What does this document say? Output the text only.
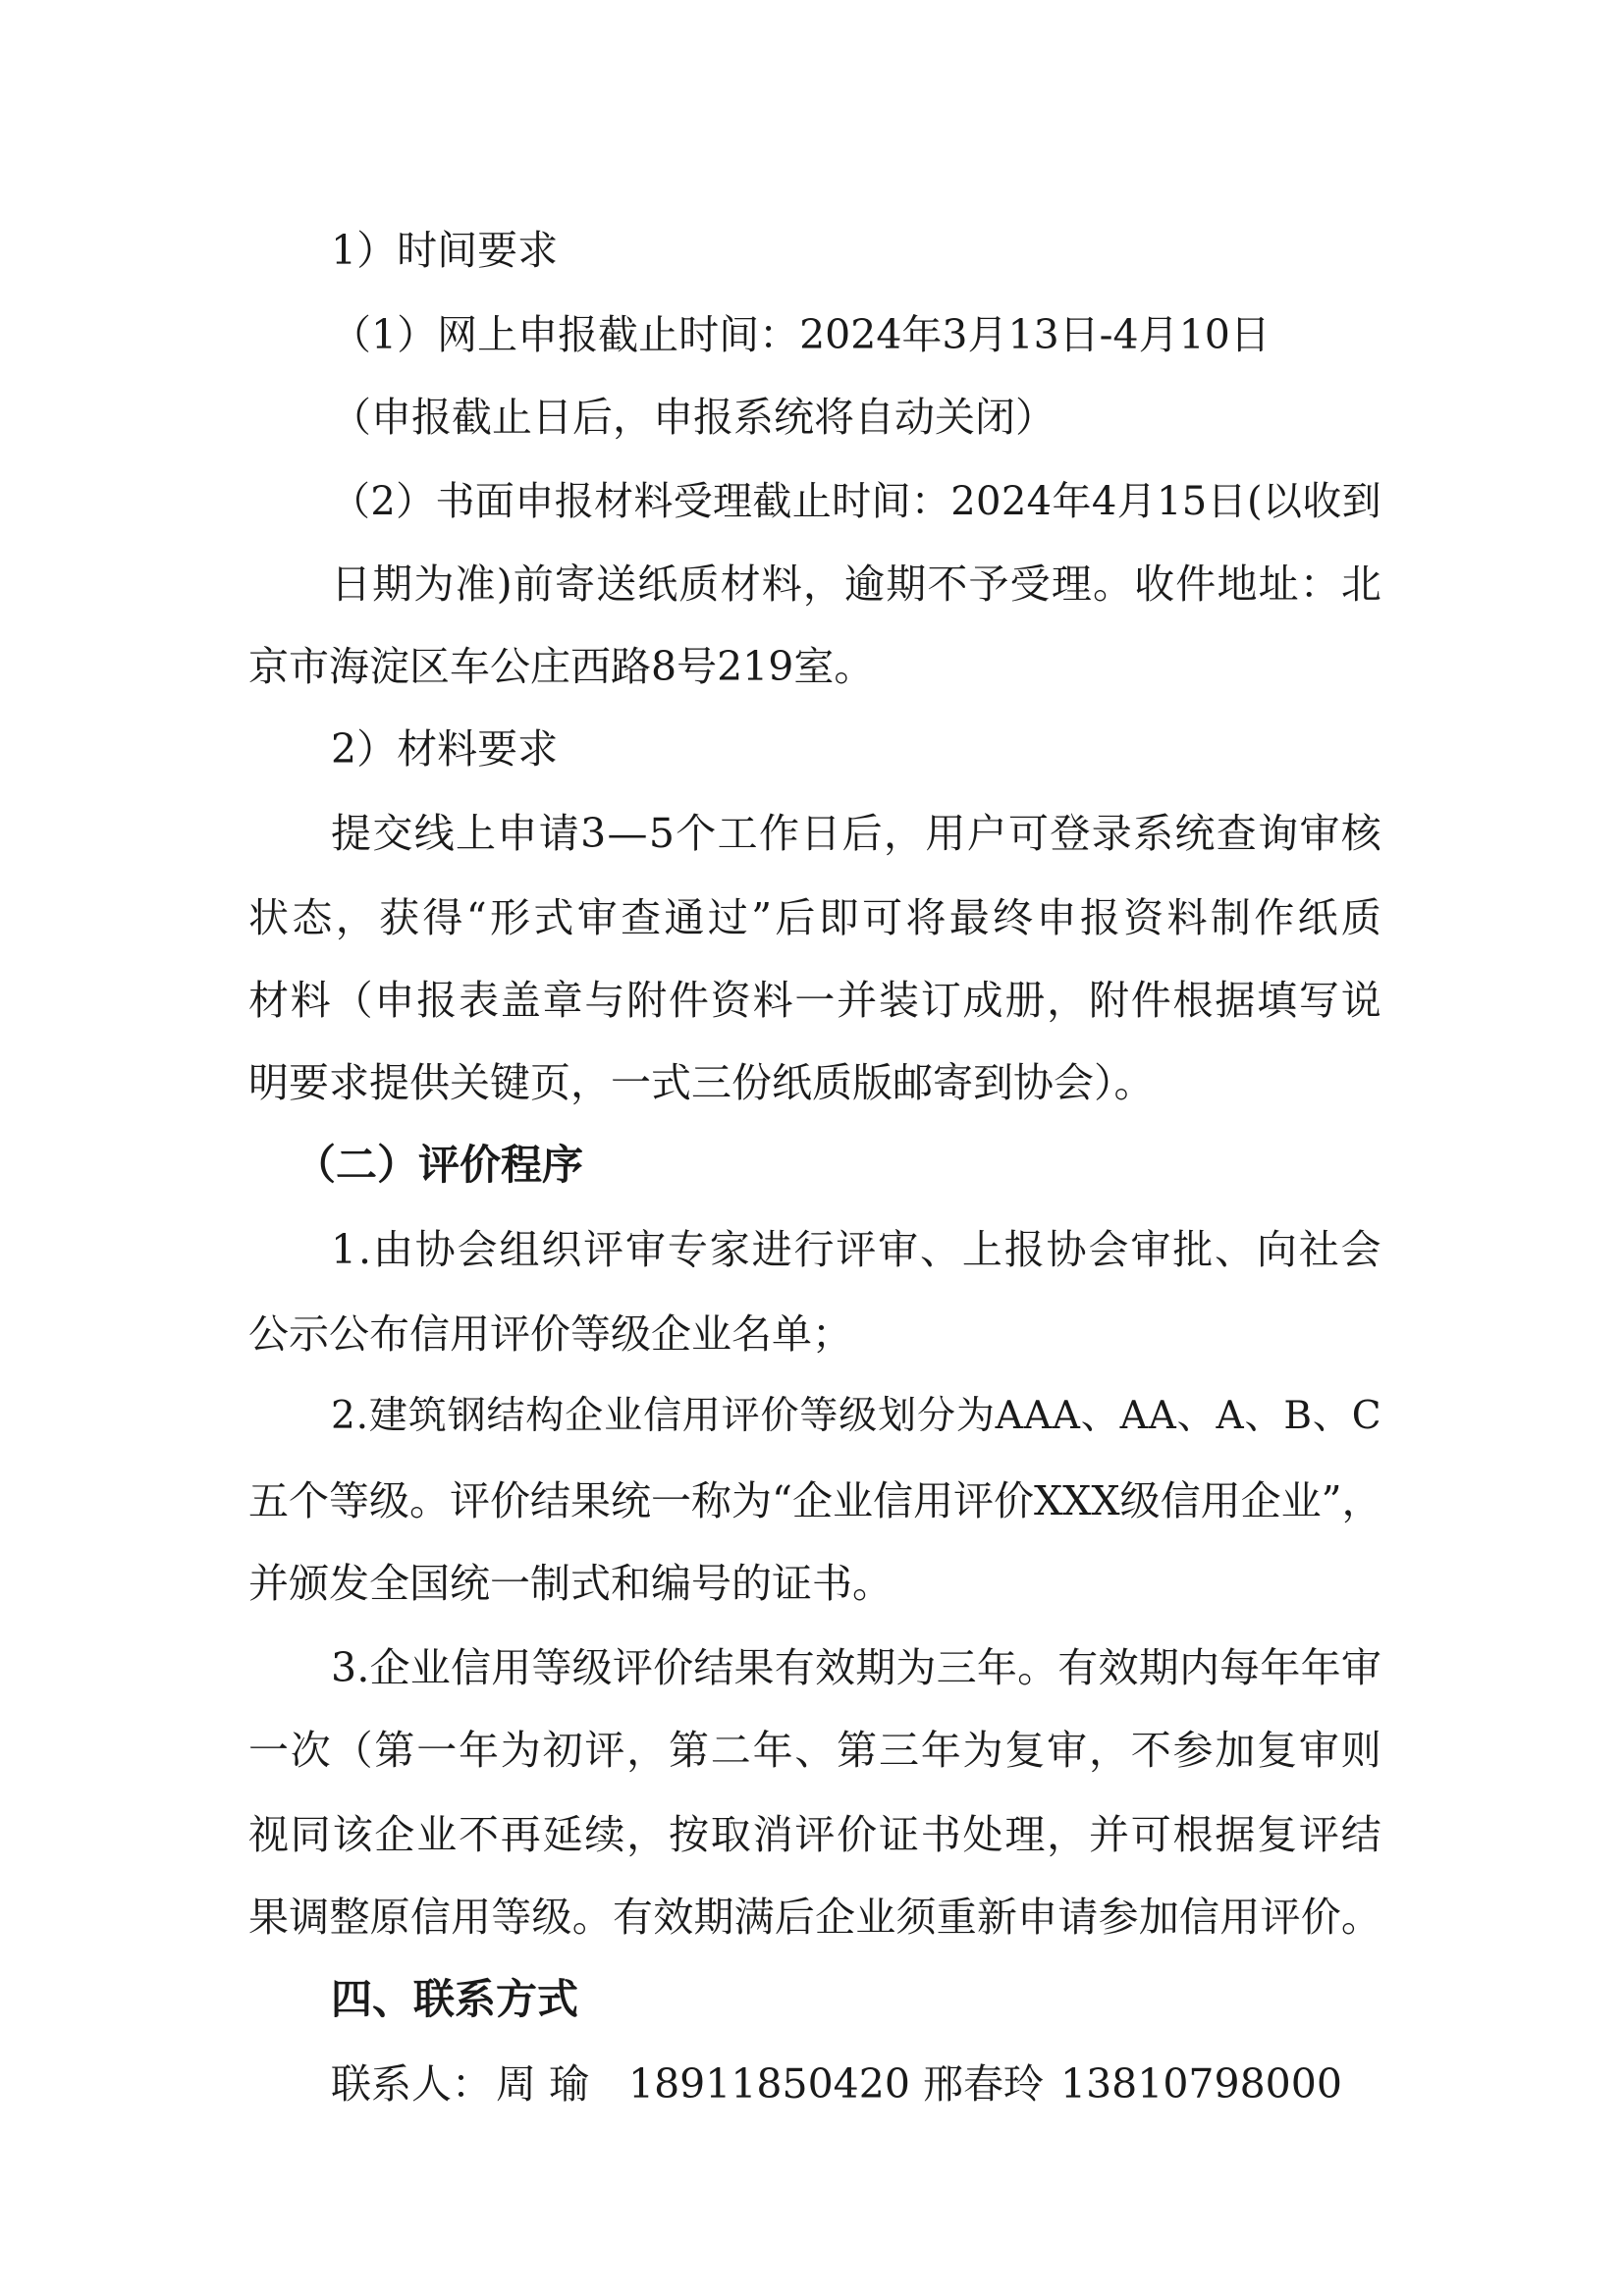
1）时间要求
（1）网上申报截止时间：2024年3月13日-4月10日
（申报截止日后，申报系统将自动关闭）
（ 2 ） 书 面 申 报 材 料 受 理 截 止 时 间 ： 2 0 2 4 年 4 月 1 5 日 ( 以 收 到
日 期 为 准 ) 前 寄 送 纸 质 材 料 ， 逾 期 不 予 受 理 。 收 件 地 址 ： 北
京市海淀区车公庄西路8号219室。
2）材料要求
提 交 线 上 申 请 3 — 5 个 工 作 日 后 ， 用 户 可 登 录 系 统 查 询 审 核
状 态 ， 获 得 “ 形 式 审 查 通 过 ” 后 即 可 将 最 终 申 报 资 料 制 作 纸 质
材 料 （ 申 报 表 盖 章 与 附 件 资 料 一 并 装 订 成 册 ， 附 件 根 据 填 写 说
明要求提供关键页，一式三份纸质版邮寄到协会）。
（二）评价程序
1 . 由 协 会 组 织 评 审 专 家 进 行 评 审 、 上 报 协 会 审 批 、 向 社 会
公示公布信用评价等级企业名单；
2 . 建 筑 钢 结 构 企 业 信 用 评 价 等 级 划 分 为 A A A 、 A A 、 A 、 B 、 C
五 个 等 级 。 评 价 结 果 统 一 称 为 “ 企 业 信 用 评 价 X X X 级 信 用 企 业 ” ，
并颁发全国统一制式和编号的证书。
3 . 企 业 信 用 等 级 评 价 结 果 有 效 期 为 三 年 。 有 效 期 内 每 年 年 审
一 次 （ 第 一 年 为 初 评 ， 第 二 年 、 第 三 年 为 复 审 ， 不 参 加 复 审 则
视 同 该 企 业 不 再 延 续 ， 按 取 消 评 价 证 书 处 理 ， 并 可 根 据 复 评 结
果 调 整 原 信 用 等 级 。 有 效 期 满 后 企 业 须 重 新 申 请 参 加 信 用 评 价 。
四、联系方式
联系人： 周 瑜 18911850420 邢春玲 13810798000
